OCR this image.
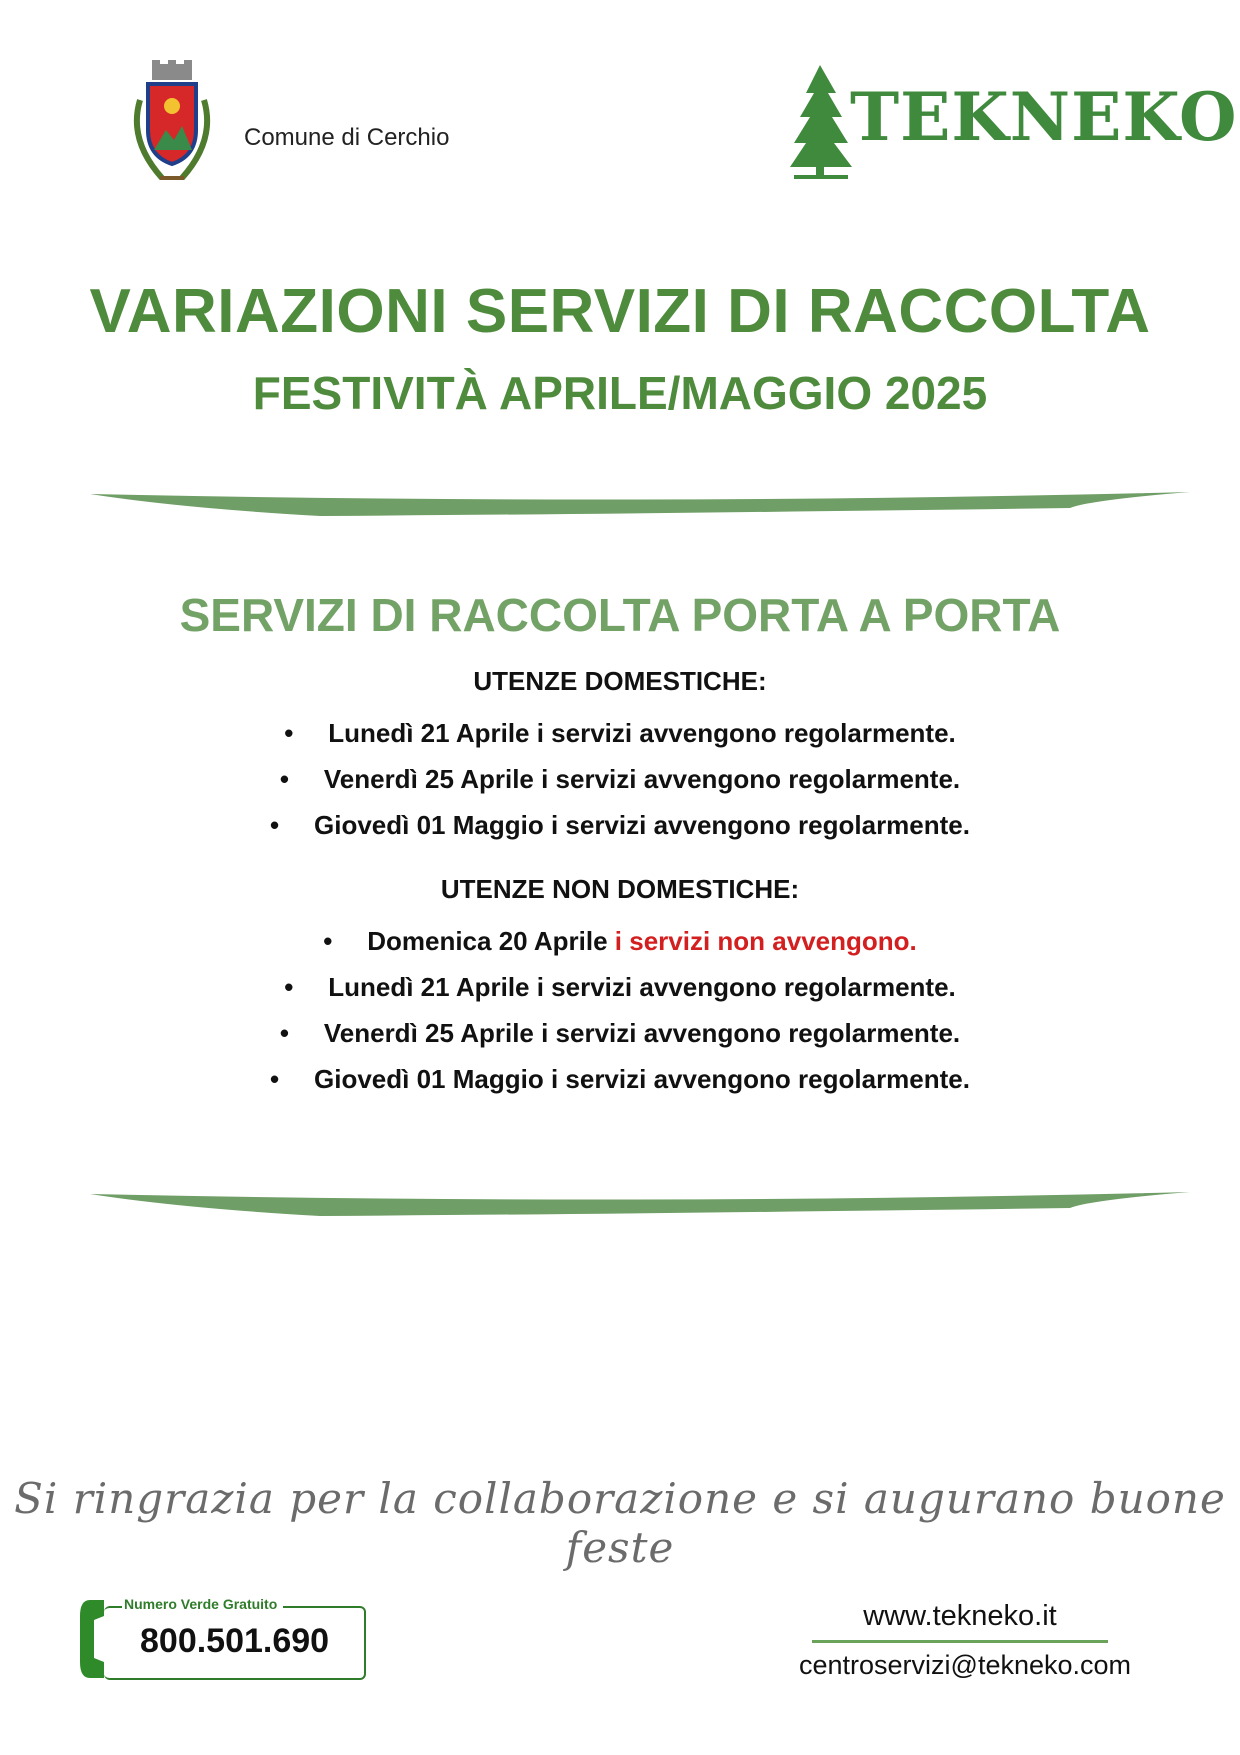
Comune di Cerchio	TEKNEKO
VARIAZIONI SERVIZI DI RACCOLTA
FESTIVITÀ APRILE/MAGGIO 2025
SERVIZI DI RACCOLTA PORTA A PORTA
UTENZE DOMESTICHE:
• Lunedì 21 Aprile i servizi avvengono regolarmente.
• Venerdì 25 Aprile i servizi avvengono regolarmente.
• Giovedì 01 Maggio i servizi avvengono regolarmente.
UTENZE NON DOMESTICHE:
• Domenica 20 Aprile i servizi non avvengono.
• Lunedì 21 Aprile i servizi avvengono regolarmente.
• Venerdì 25 Aprile i servizi avvengono regolarmente.
• Giovedì 01 Maggio i servizi avvengono regolarmente.
Si ringrazia per la collaborazione e si augurano buone feste
Numero Verde Gratuito
800.501.690
www.tekneko.it
centroservizi@tekneko.com
